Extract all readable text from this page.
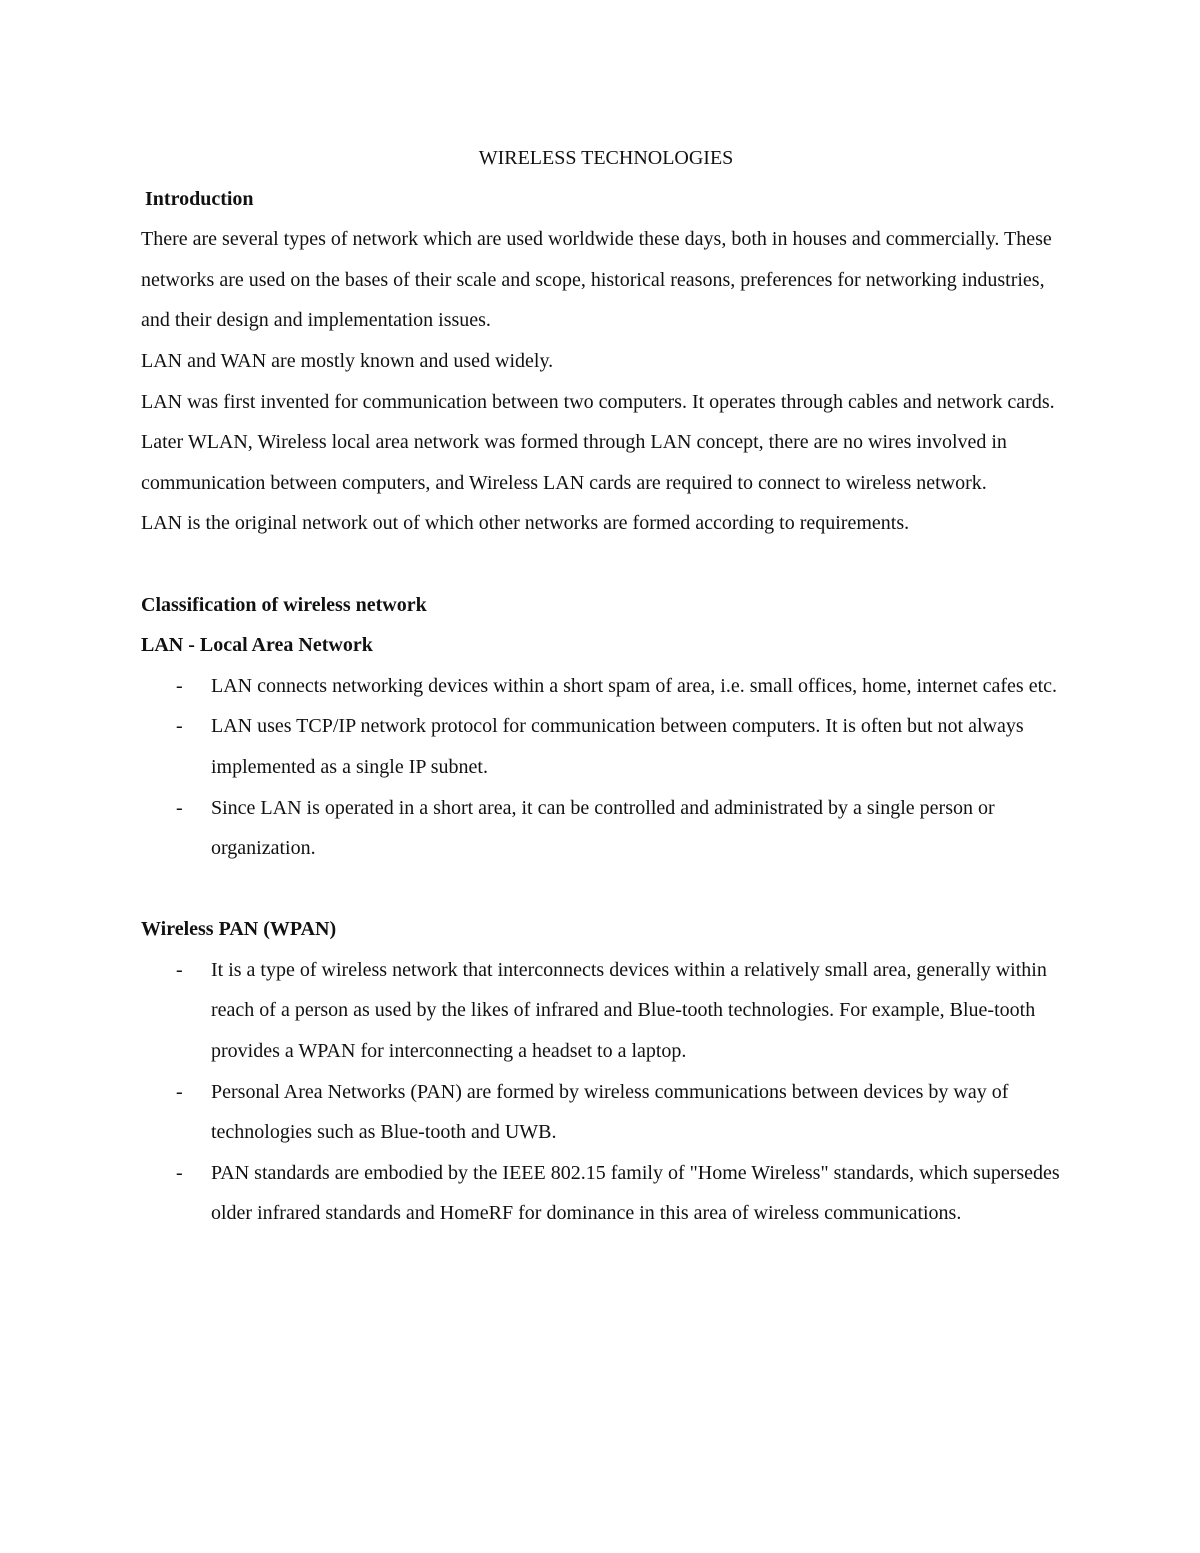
WIRELESS TECHNOLOGIES
Introduction

There are several types of network which are used worldwide these days, both in houses and commercially. These networks are used on the bases of their scale and scope, historical reasons, preferences for networking industries, and their design and implementation issues.

LAN and WAN are mostly known and used widely.

LAN was first invented for communication between two computers. It operates through cables and network cards. Later WLAN, Wireless local area network was formed through LAN concept, there are no wires involved in communication between computers, and Wireless LAN cards are required to connect to wireless network.

LAN is the original network out of which other networks are formed according to requirements.

Classification of wireless network
LAN - Local Area Network
- LAN connects networking devices within a short spam of area, i.e. small offices, home, internet cafes etc.
- LAN uses TCP/IP network protocol for communication between computers. It is often but not always implemented as a single IP subnet.
- Since LAN is operated in a short area, it can be controlled and administrated by a single person or organization.
Wireless PAN (WPAN)
- It is a type of wireless network that interconnects devices within a relatively small area, generally within reach of a person as used by the likes of infrared and Blue-tooth technologies. For example, Blue-tooth provides a WPAN for interconnecting a headset to a laptop.
- Personal Area Networks (PAN) are formed by wireless communications between devices by way of technologies such as Blue-tooth and UWB.
- PAN standards are embodied by the IEEE 802.15 family of "Home Wireless" standards, which supersedes older infrared standards and HomeRF for dominance in this area of wireless communications.
